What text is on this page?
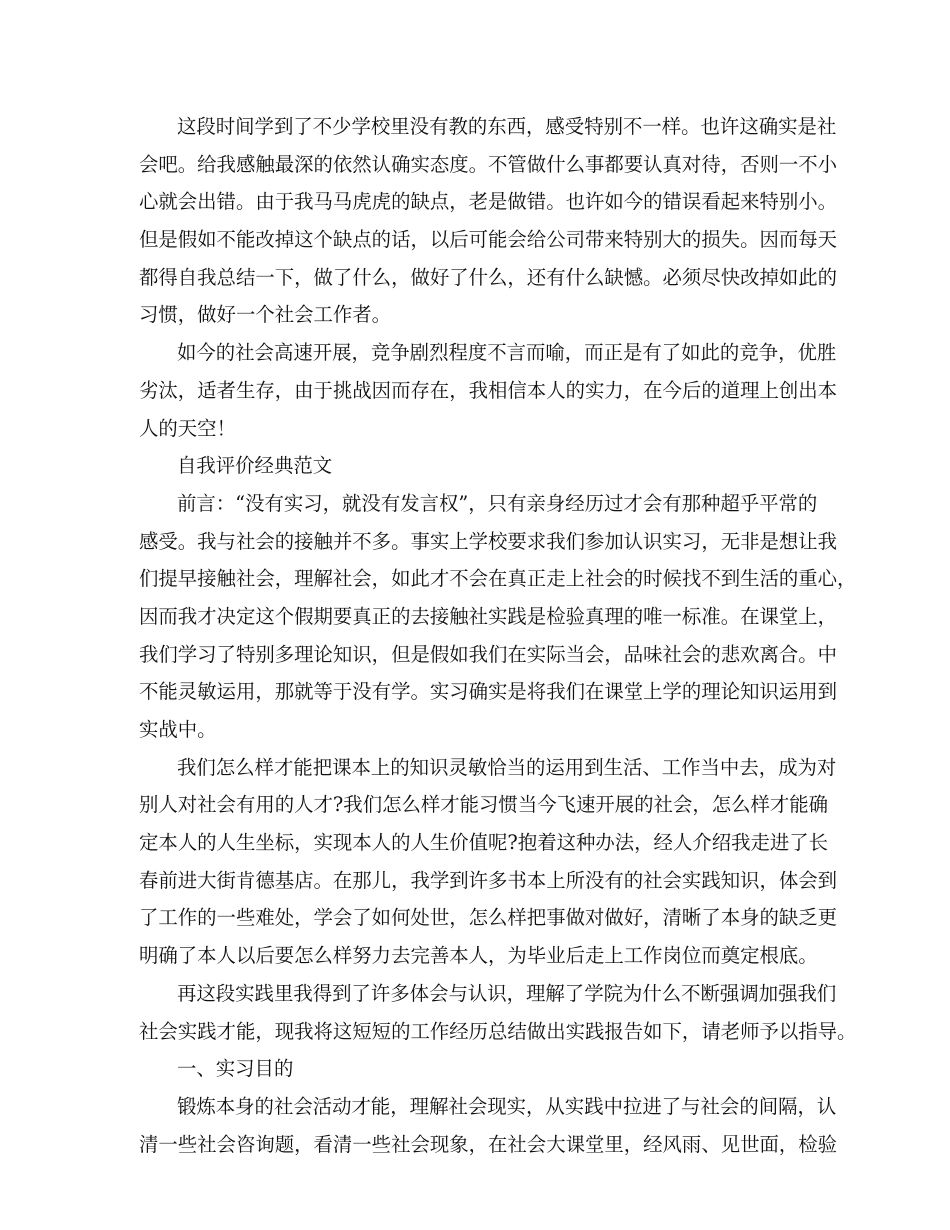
这段时间学到了不少学校里没有教的东西，感受特别不一样。也许这确实是社
会吧。给我感触最深的依然认确实态度。不管做什么事都要认真对待，否则一不小
心就会出错。由于我马马虎虎的缺点，老是做错。也许如今的错误看起来特别小。
但是假如不能改掉这个缺点的话，以后可能会给公司带来特别大的损失。因而每天
都得自我总结一下，做了什么，做好了什么，还有什么缺憾。必须尽快改掉如此的
习惯，做好一个社会工作者。
如今的社会高速开展，竞争剧烈程度不言而喻，而正是有了如此的竞争，优胜
劣汰，适者生存，由于挑战因而存在，我相信本人的实力，在今后的道理上创出本
人的天空！
自我评价经典范文
前言：“没有实习，就没有发言权”，只有亲身经历过才会有那种超乎平常的
感受。我与社会的接触并不多。事实上学校要求我们参加认识实习，无非是想让我
们提早接触社会，理解社会，如此才不会在真正走上社会的时候找不到生活的重心，
因而我才决定这个假期要真正的去接触社实践是检验真理的唯一标准。在课堂上，
我们学习了特别多理论知识，但是假如我们在实际当会，品味社会的悲欢离合。中
不能灵敏运用，那就等于没有学。实习确实是将我们在课堂上学的理论知识运用到
实战中。
我们怎么样才能把课本上的知识灵敏恰当的运用到生活、工作当中去，成为对
别人对社会有用的人才?我们怎么样才能习惯当今飞速开展的社会，怎么样才能确
定本人的人生坐标，实现本人的人生价值呢?抱着这种办法，经人介绍我走进了长
春前进大街肯德基店。在那儿，我学到许多书本上所没有的社会实践知识，体会到
了工作的一些难处，学会了如何处世，怎么样把事做对做好，清晰了本身的缺乏更
明确了本人以后要怎么样努力去完善本人，为毕业后走上工作岗位而奠定根底。
再这段实践里我得到了许多体会与认识，理解了学院为什么不断强调加强我们
社会实践才能，现我将这短短的工作经历总结做出实践报告如下，请老师予以指导。
一、实习目的
锻炼本身的社会活动才能，理解社会现实，从实践中拉进了与社会的间隔，认
清一些社会咨询题，看清一些社会现象，在社会大课堂里，经风雨、见世面，检验
